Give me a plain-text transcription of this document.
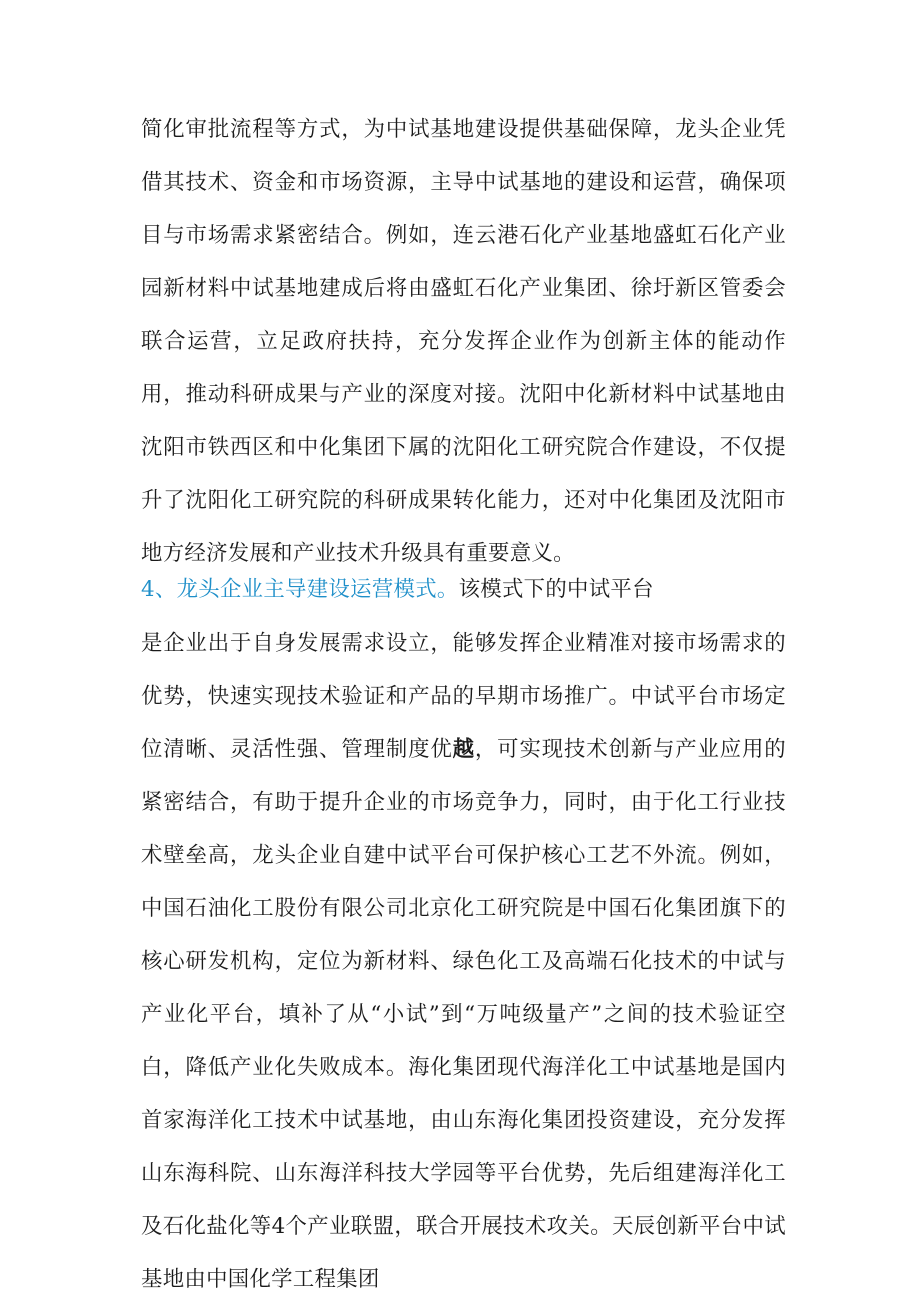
简化审批流程等方式，为中试基地建设提供基础保障，龙头企业凭借其技术、资金和市场资源，主导中试基地的建设和运营，确保项目与市场需求紧密结合。例如，连云港石化产业基地盛虹石化产业园新材料中试基地建成后将由盛虹石化产业集团、徐圩新区管委会联合运营，立足政府扶持，充分发挥企业作为创新主体的能动作用，推动科研成果与产业的深度对接。沈阳中化新材料中试基地由沈阳市铁西区和中化集团下属的沈阳化工研究院合作建设，不仅提升了沈阳化工研究院的科研成果转化能力，还对中化集团及沈阳市地方经济发展和产业技术升级具有重要意义。

4、龙头企业主导建设运营模式。该模式下的中试平台

是企业出于自身发展需求设立，能够发挥企业精准对接市场需求的优势，快速实现技术验证和产品的早期市场推广。中试平台市场定位清晰、灵活性强、管理制度优越，可实现技术创新与产业应用的紧密结合，有助于提升企业的市场竞争力，同时，由于化工行业技术壁垒高，龙头企业自建中试平台可保护核心工艺不外流。例如，中国石油化工股份有限公司北京化工研究院是中国石化集团旗下的核心研发机构，定位为新材料、绿色化工及高端石化技术的中试与产业化平台，填补了从“小试”到“万吨级量产”之间的技术验证空白，降低产业化失败成本。海化集团现代海洋化工中试基地是国内首家海洋化工技术中试基地，由山东海化集团投资建设，充分发挥山东海科院、山东海洋科技大学园等平台优势，先后组建海洋化工及石化盐化等4个产业联盟，联合开展技术攻关。天辰创新平台中试基地由中国化学工程集团
